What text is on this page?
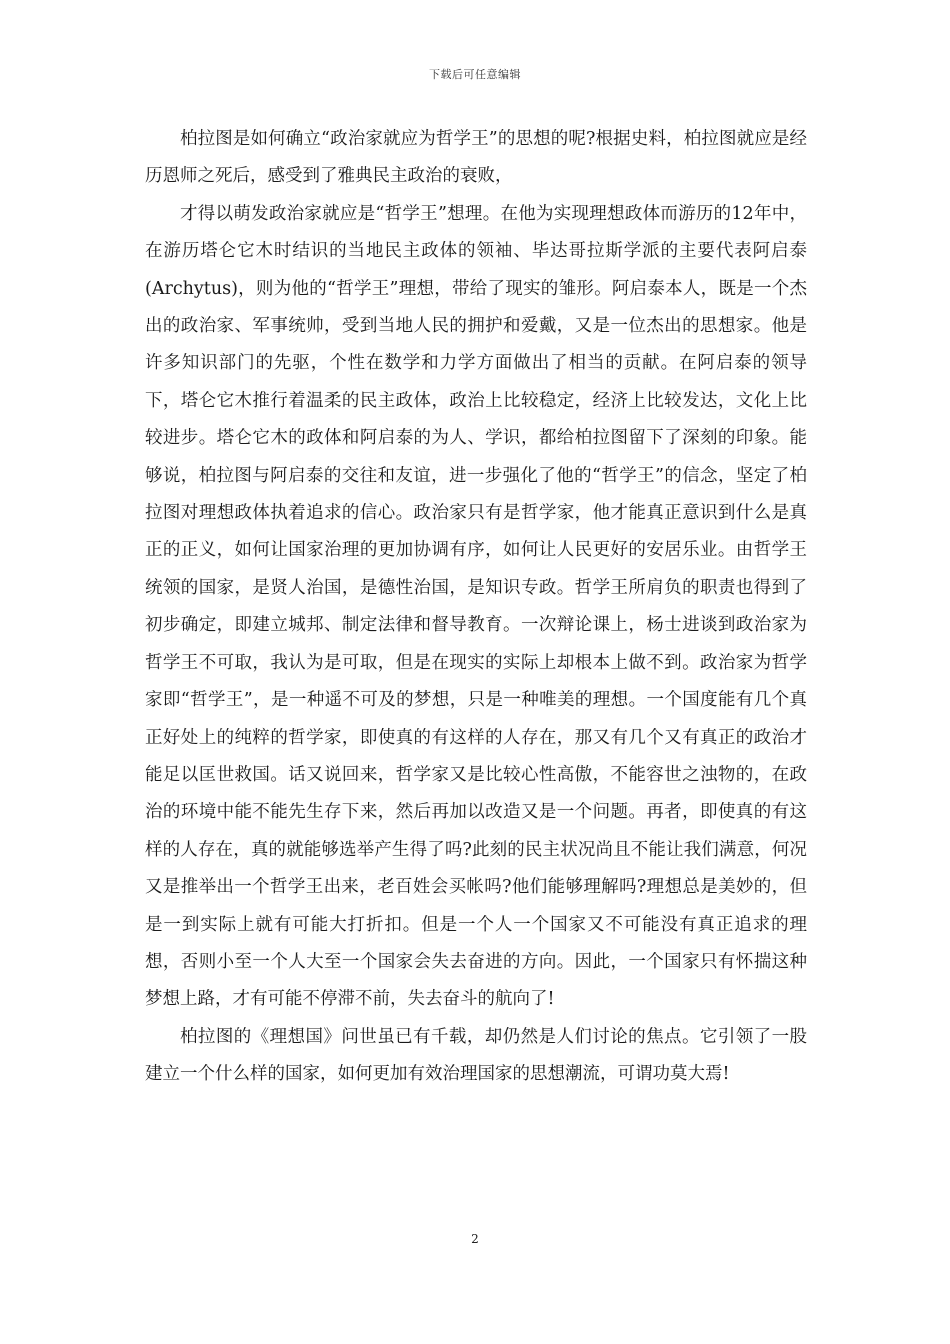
下载后可任意编辑

柏拉图是如何确立“政治家就应为哲学王”的思想的呢?根据史料，柏拉图就应是经历恩师之死后，感受到了雅典民主政治的衰败，

才得以萌发政治家就应是“哲学王”想理。在他为实现理想政体而游历的12年中，在游历塔仑它木时结识的当地民主政体的领袖、毕达哥拉斯学派的主要代表阿启泰(Archytus)，则为他的“哲学王”理想，带给了现实的雏形。阿启泰本人，既是一个杰出的政治家、军事统帅，受到当地人民的拥护和爱戴，又是一位杰出的思想家。他是许多知识部门的先驱，个性在数学和力学方面做出了相当的贡献。在阿启泰的领导下，塔仑它木推行着温柔的民主政体，政治上比较稳定，经济上比较发达，文化上比较进步。塔仑它木的政体和阿启泰的为人、学识，都给柏拉图留下了深刻的印象。能够说，柏拉图与阿启泰的交往和友谊，进一步强化了他的“哲学王”的信念，坚定了柏拉图对理想政体执着追求的信心。政治家只有是哲学家，他才能真正意识到什么是真正的正义，如何让国家治理的更加协调有序，如何让人民更好的安居乐业。由哲学王统领的国家，是贤人治国，是德性治国，是知识专政。哲学王所肩负的职责也得到了初步确定，即建立城邦、制定法律和督导教育。一次辩论课上，杨士进谈到政治家为哲学王不可取，我认为是可取，但是在现实的实际上却根本上做不到。政治家为哲学家即“哲学王”，是一种遥不可及的梦想，只是一种唯美的理想。一个国度能有几个真正好处上的纯粹的哲学家，即使真的有这样的人存在，那又有几个又有真正的政治才能足以匡世救国。话又说回来，哲学家又是比较心性高傲，不能容世之浊物的，在政治的环境中能不能先生存下来，然后再加以改造又是一个问题。再者，即使真的有这样的人存在，真的就能够选举产生得了吗?此刻的民主状况尚且不能让我们满意，何况又是推举出一个哲学王出来，老百姓会买帐吗?他们能够理解吗?理想总是美妙的，但是一到实际上就有可能大打折扣。但是一个人一个国家又不可能没有真正追求的理想，否则小至一个人大至一个国家会失去奋进的方向。因此，一个国家只有怀揣这种梦想上路，才有可能不停滞不前，失去奋斗的航向了!

柏拉图的《理想国》问世虽已有千载，却仍然是人们讨论的焦点。它引领了一股建立一个什么样的国家，如何更加有效治理国家的思想潮流，可谓功莫大焉!

2
